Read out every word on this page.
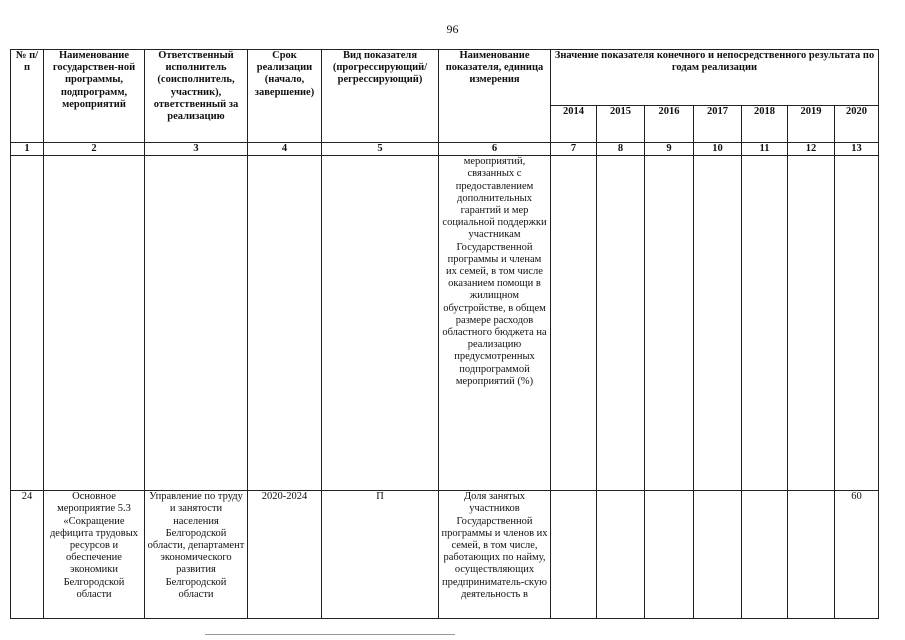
96
№ п/п	Наименование государствен-ной программы, подпрограмм, мероприятий	Ответственный исполнитель (соисполнитель, участник), ответственный за реализацию	Срок реализации (начало, завершение)	Вид показателя (прогрессирующий/ регрессирующий)	Наименование показателя, единица измерения	Значение показателя конечного и непосредственного результата по годам реализации						
						2014	2015	2016	2017	2018	2019	2020
1	2	3	4	5	6	7	8	9	10	11	12	13
					мероприятий, связанных с предоставлением дополнительных гарантий и мер социальной поддержки участникам Государственной программы и членам их семей, в том числе оказанием помощи в жилищном обустройстве, в общем размере расходов областного бюджета на реализацию предусмотренных подпрограммой мероприятий (%)							
24	Основное мероприятие 5.3 «Сокращение дефицита трудовых ресурсов и обеспечение экономики Белгородской области	Управление по труду и занятости населения Белгородской области, департамент экономического развития Белгородской области	2020-2024	П	Доля занятых участников Государственной программы и членов их семей, в том числе, работающих по найму, осуществляющих предприниматель-скую деятельность в							60
